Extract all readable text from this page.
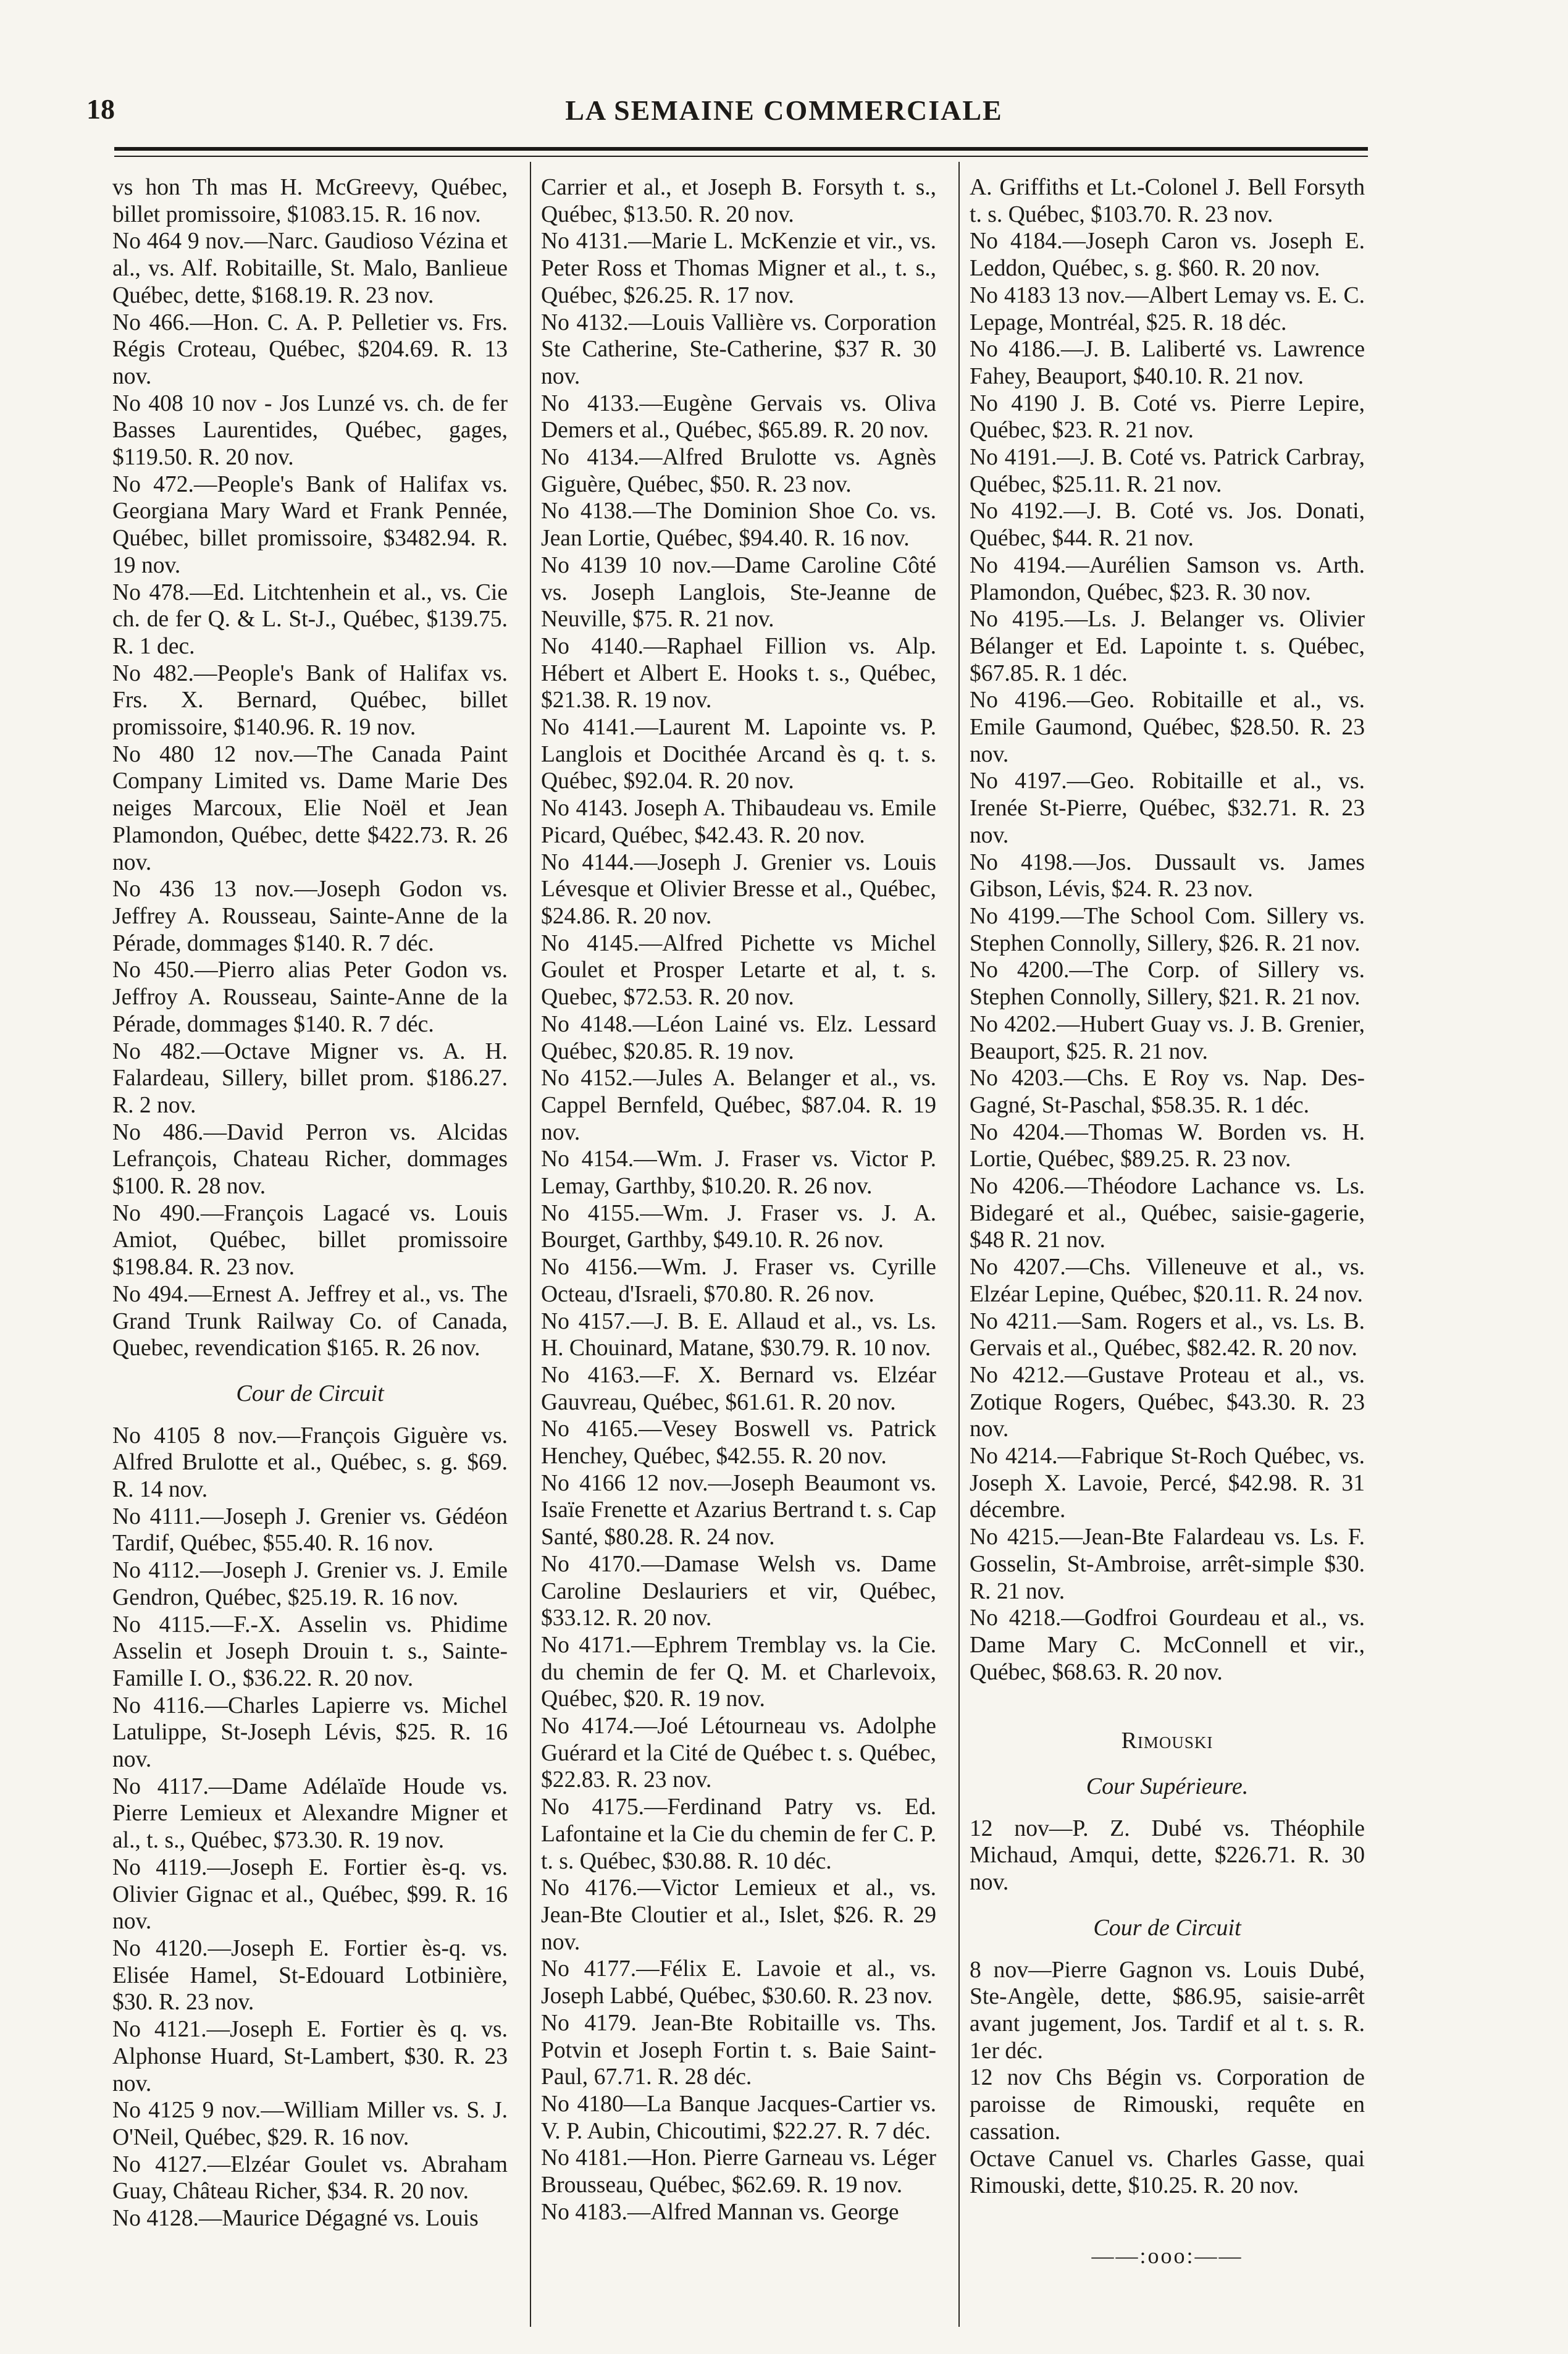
18	LA SEMAINE COMMERCIALE

vs hon Th mas H. McGreevy, Québec, billet promissoire, $1083.15. R. 16 nov.

No 464 9 nov.—Narc. Gaudioso Vézina et al., vs. Alf. Robitaille, St. Malo, Banlieue Québec, dette, $168.19. R. 23 nov.

No 466.—Hon. C. A. P. Pelletier vs. Frs. Régis Croteau, Québec, $204.69. R. 13 nov.

No 408 10 nov - Jos Lunzé vs. ch. de fer Basses Laurentides, Québec, gages, $119.50. R. 20 nov.

No 472.—People's Bank of Halifax vs. Georgiana Mary Ward et Frank Pennée, Québec, billet promissoire, $3482.94. R. 19 nov.

No 478.—Ed. Litchtenhein et al., vs. Cie ch. de fer Q. & L. St-J., Québec, $139.75. R. 1 dec.

No 482.—People's Bank of Halifax vs. Frs. X. Bernard, Québec, billet promissoire, $140.96. R. 19 nov.

No 480 12 nov.—The Canada Paint Company Limited vs. Dame Marie Des neiges Marcoux, Elie Noël et Jean Plamondon, Québec, dette $422.73. R. 26 nov.

No 436 13 nov.—Joseph Godon vs. Jeffrey A. Rousseau, Sainte-Anne de la Pérade, dommages $140. R. 7 déc.

No 450.—Pierro alias Peter Godon vs. Jeffroy A. Rousseau, Sainte-Anne de la Pérade, dommages $140. R. 7 déc.

No 482.—Octave Migner vs. A. H. Falardeau, Sillery, billet prom. $186.27. R. 2 nov.

No 486.—David Perron vs. Alcidas Lefrançois, Chateau Richer, dommages $100. R. 28 nov.

No 490.—François Lagacé vs. Louis Amiot, Québec, billet promissoire $198.84. R. 23 nov.

No 494.—Ernest A. Jeffrey et al., vs. The Grand Trunk Railway Co. of Canada, Quebec, revendication $165. R. 26 nov.

Cour de Circuit

No 4105 8 nov.—François Giguère vs. Alfred Brulotte et al., Québec, s. g. $69. R. 14 nov.

No 4111.—Joseph J. Grenier vs. Gédéon Tardif, Québec, $55.40. R. 16 nov.

No 4112.—Joseph J. Grenier vs. J. Emile Gendron, Québec, $25.19. R. 16 nov.

No 4115.—F.-X. Asselin vs. Phidime Asselin et Joseph Drouin t. s., Sainte-Famille I. O., $36.22. R. 20 nov.

No 4116.—Charles Lapierre vs. Michel Latulippe, St-Joseph Lévis, $25. R. 16 nov.

No 4117.—Dame Adélaïde Houde vs. Pierre Lemieux et Alexandre Migner et al., t. s., Québec, $73.30. R. 19 nov.

No 4119.—Joseph E. Fortier ès-q. vs. Olivier Gignac et al., Québec, $99. R. 16 nov.

No 4120.—Joseph E. Fortier ès-q. vs. Elisée Hamel, St-Edouard Lotbinière, $30. R. 23 nov.

No 4121.—Joseph E. Fortier ès q. vs. Alphonse Huard, St-Lambert, $30. R. 23 nov.

No 4125 9 nov.—William Miller vs. S. J. O'Neil, Québec, $29. R. 16 nov.

No 4127.—Elzéar Goulet vs. Abraham Guay, Château Richer, $34. R. 20 nov.

No 4128.—Maurice Dégagné vs. Louis

Carrier et al., et Joseph B. Forsyth t. s., Québec, $13.50. R. 20 nov.

No 4131.—Marie L. McKenzie et vir., vs. Peter Ross et Thomas Migner et al., t. s., Québec, $26.25. R. 17 nov.

No 4132.—Louis Vallière vs. Corporation Ste Catherine, Ste-Catherine, $37 R. 30 nov.

No 4133.—Eugène Gervais vs. Oliva Demers et al., Québec, $65.89. R. 20 nov.

No 4134.—Alfred Brulotte vs. Agnès Giguère, Québec, $50. R. 23 nov.

No 4138.—The Dominion Shoe Co. vs. Jean Lortie, Québec, $94.40. R. 16 nov.

No 4139 10 nov.—Dame Caroline Côté vs. Joseph Langlois, Ste-Jeanne de Neuville, $75. R. 21 nov.

No 4140.—Raphael Fillion vs. Alp. Hébert et Albert E. Hooks t. s., Québec, $21.38. R. 19 nov.

No 4141.—Laurent M. Lapointe vs. P. Langlois et Docithée Arcand ès q. t. s. Québec, $92.04. R. 20 nov.

No 4143. Joseph A. Thibaudeau vs. Emile Picard, Québec, $42.43. R. 20 nov.

No 4144.—Joseph J. Grenier vs. Louis Lévesque et Olivier Bresse et al., Québec, $24.86. R. 20 nov.

No 4145.—Alfred Pichette vs Michel Goulet et Prosper Letarte et al, t. s. Quebec, $72.53. R. 20 nov.

No 4148.—Léon Lainé vs. Elz. Lessard Québec, $20.85. R. 19 nov.

No 4152.—Jules A. Belanger et al., vs. Cappel Bernfeld, Québec, $87.04. R. 19 nov.

No 4154.—Wm. J. Fraser vs. Victor P. Lemay, Garthby, $10.20. R. 26 nov.

No 4155.—Wm. J. Fraser vs. J. A. Bourget, Garthby, $49.10. R. 26 nov.

No 4156.—Wm. J. Fraser vs. Cyrille Octeau, d'Israeli, $70.80. R. 26 nov.

No 4157.—J. B. E. Allaud et al., vs. Ls. H. Chouinard, Matane, $30.79. R. 10 nov.

No 4163.—F. X. Bernard vs. Elzéar Gauvreau, Québec, $61.61. R. 20 nov.

No 4165.—Vesey Boswell vs. Patrick Henchey, Québec, $42.55. R. 20 nov.

No 4166 12 nov.—Joseph Beaumont vs. Isaïe Frenette et Azarius Bertrand t. s. Cap Santé, $80.28. R. 24 nov.

No 4170.—Damase Welsh vs. Dame Caroline Deslauriers et vir, Québec, $33.12. R. 20 nov.

No 4171.—Ephrem Tremblay vs. la Cie. du chemin de fer Q. M. et Charlevoix, Québec, $20. R. 19 nov.

No 4174.—Joé Létourneau vs. Adolphe Guérard et la Cité de Québec t. s. Québec, $22.83. R. 23 nov.

No 4175.—Ferdinand Patry vs. Ed. Lafontaine et la Cie du chemin de fer C. P. t. s. Québec, $30.88. R. 10 déc.

No 4176.—Victor Lemieux et al., vs. Jean-Bte Cloutier et al., Islet, $26. R. 29 nov.

No 4177.—Félix E. Lavoie et al., vs. Joseph Labbé, Québec, $30.60. R. 23 nov.

No 4179. Jean-Bte Robitaille vs. Ths. Potvin et Joseph Fortin t. s. Baie Saint-Paul, 67.71. R. 28 déc.

No 4180—La Banque Jacques-Cartier vs. V. P. Aubin, Chicoutimi, $22.27. R. 7 déc.

No 4181.—Hon. Pierre Garneau vs. Léger Brousseau, Québec, $62.69. R. 19 nov.

No 4183.—Alfred Mannan vs. George

A. Griffiths et Lt.-Colonel J. Bell Forsyth t. s. Québec, $103.70. R. 23 nov.

No 4184.—Joseph Caron vs. Joseph E. Leddon, Québec, s. g. $60. R. 20 nov.

No 4183 13 nov.—Albert Lemay vs. E. C. Lepage, Montréal, $25. R. 18 déc.

No 4186.—J. B. Laliberté vs. Lawrence Fahey, Beauport, $40.10. R. 21 nov.

No 4190 J. B. Coté vs. Pierre Lepire, Québec, $23. R. 21 nov.

No 4191.—J. B. Coté vs. Patrick Carbray, Québec, $25.11. R. 21 nov.

No 4192.—J. B. Coté vs. Jos. Donati, Québec, $44. R. 21 nov.

No 4194.—Aurélien Samson vs. Arth. Plamondon, Québec, $23. R. 30 nov.

No 4195.—Ls. J. Belanger vs. Olivier Bélanger et Ed. Lapointe t. s. Québec, $67.85. R. 1 déc.

No 4196.—Geo. Robitaille et al., vs. Emile Gaumond, Québec, $28.50. R. 23 nov.

No 4197.—Geo. Robitaille et al., vs. Irenée St-Pierre, Québec, $32.71. R. 23 nov.

No 4198.—Jos. Dussault vs. James Gibson, Lévis, $24. R. 23 nov.

No 4199.—The School Com. Sillery vs. Stephen Connolly, Sillery, $26. R. 21 nov.

No 4200.—The Corp. of Sillery vs. Stephen Connolly, Sillery, $21. R. 21 nov.

No 4202.—Hubert Guay vs. J. B. Grenier, Beauport, $25. R. 21 nov.

No 4203.—Chs. E Roy vs. Nap. Des-Gagné, St-Paschal, $58.35. R. 1 déc.

No 4204.—Thomas W. Borden vs. H. Lortie, Québec, $89.25. R. 23 nov.

No 4206.—Théodore Lachance vs. Ls. Bidegaré et al., Québec, saisie-gagerie, $48 R. 21 nov.

No 4207.—Chs. Villeneuve et al., vs. Elzéar Lepine, Québec, $20.11. R. 24 nov.

No 4211.—Sam. Rogers et al., vs. Ls. B. Gervais et al., Québec, $82.42. R. 20 nov.

No 4212.—Gustave Proteau et al., vs. Zotique Rogers, Québec, $43.30. R. 23 nov.

No 4214.—Fabrique St-Roch Québec, vs. Joseph X. Lavoie, Percé, $42.98. R. 31 décembre.

No 4215.—Jean-Bte Falardeau vs. Ls. F. Gosselin, St-Ambroise, arrêt-simple $30. R. 21 nov.

No 4218.—Godfroi Gourdeau et al., vs. Dame Mary C. McConnell et vir., Québec, $68.63. R. 20 nov.

Rimouski
Cour Supérieure.

12 nov—P. Z. Dubé vs. Théophile Michaud, Amqui, dette, $226.71. R. 30 nov.

Cour de Circuit

8 nov—Pierre Gagnon vs. Louis Dubé, Ste-Angèle, dette, $86.95, saisie-arrêt avant jugement, Jos. Tardif et al t. s. R. 1er déc.

12 nov Chs Bégin vs. Corporation de paroisse de Rimouski, requête en cassation.

Octave Canuel vs. Charles Gasse, quai Rimouski, dette, $10.25. R. 20 nov.

——:ooo:——
